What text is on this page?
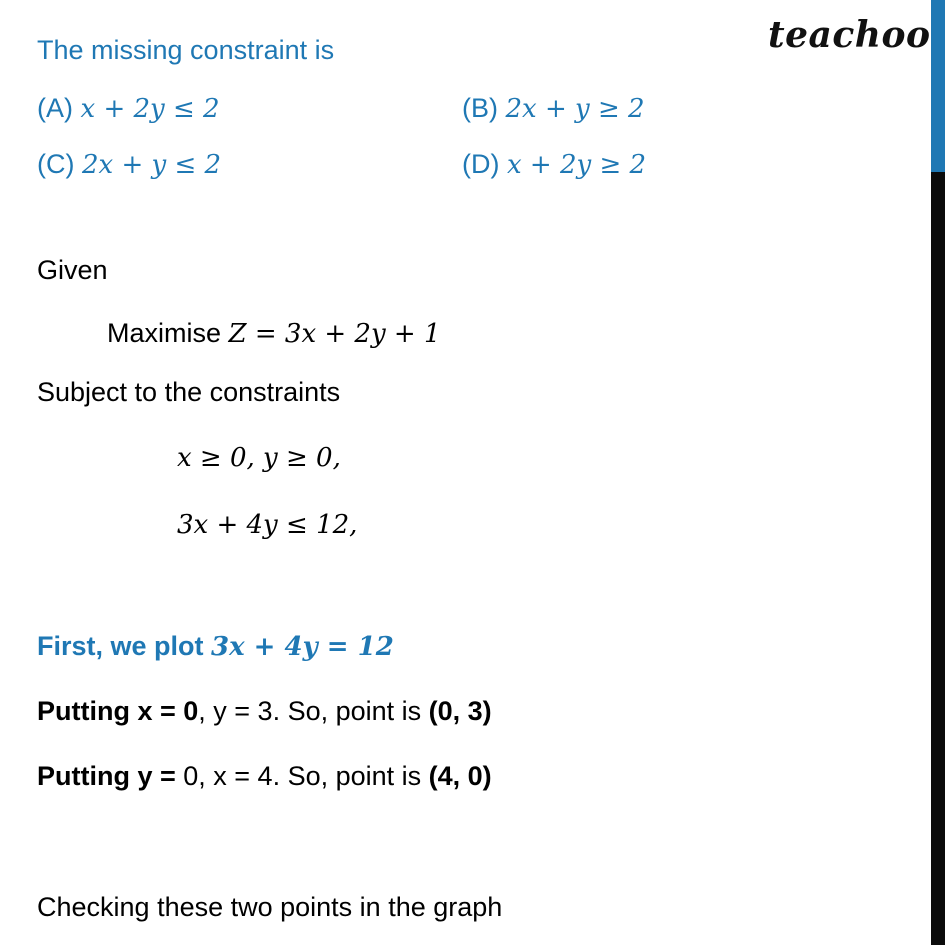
teachoo
The missing constraint is
(A) x + 2y ≤ 2	(B) 2x + y ≥ 2
(C) 2x + y ≤ 2	(D) x + 2y ≥ 2
Given
Maximise Z = 3x + 2y + 1
Subject to the constraints
x ≥ 0, y ≥ 0,
3x + 4y ≤ 12,
First, we plot 3x + 4y = 12
Putting x = 0, y = 3. So, point is (0, 3)
Putting y = 0, x = 4. So, point is (4, 0)
Checking these two points in the graph
